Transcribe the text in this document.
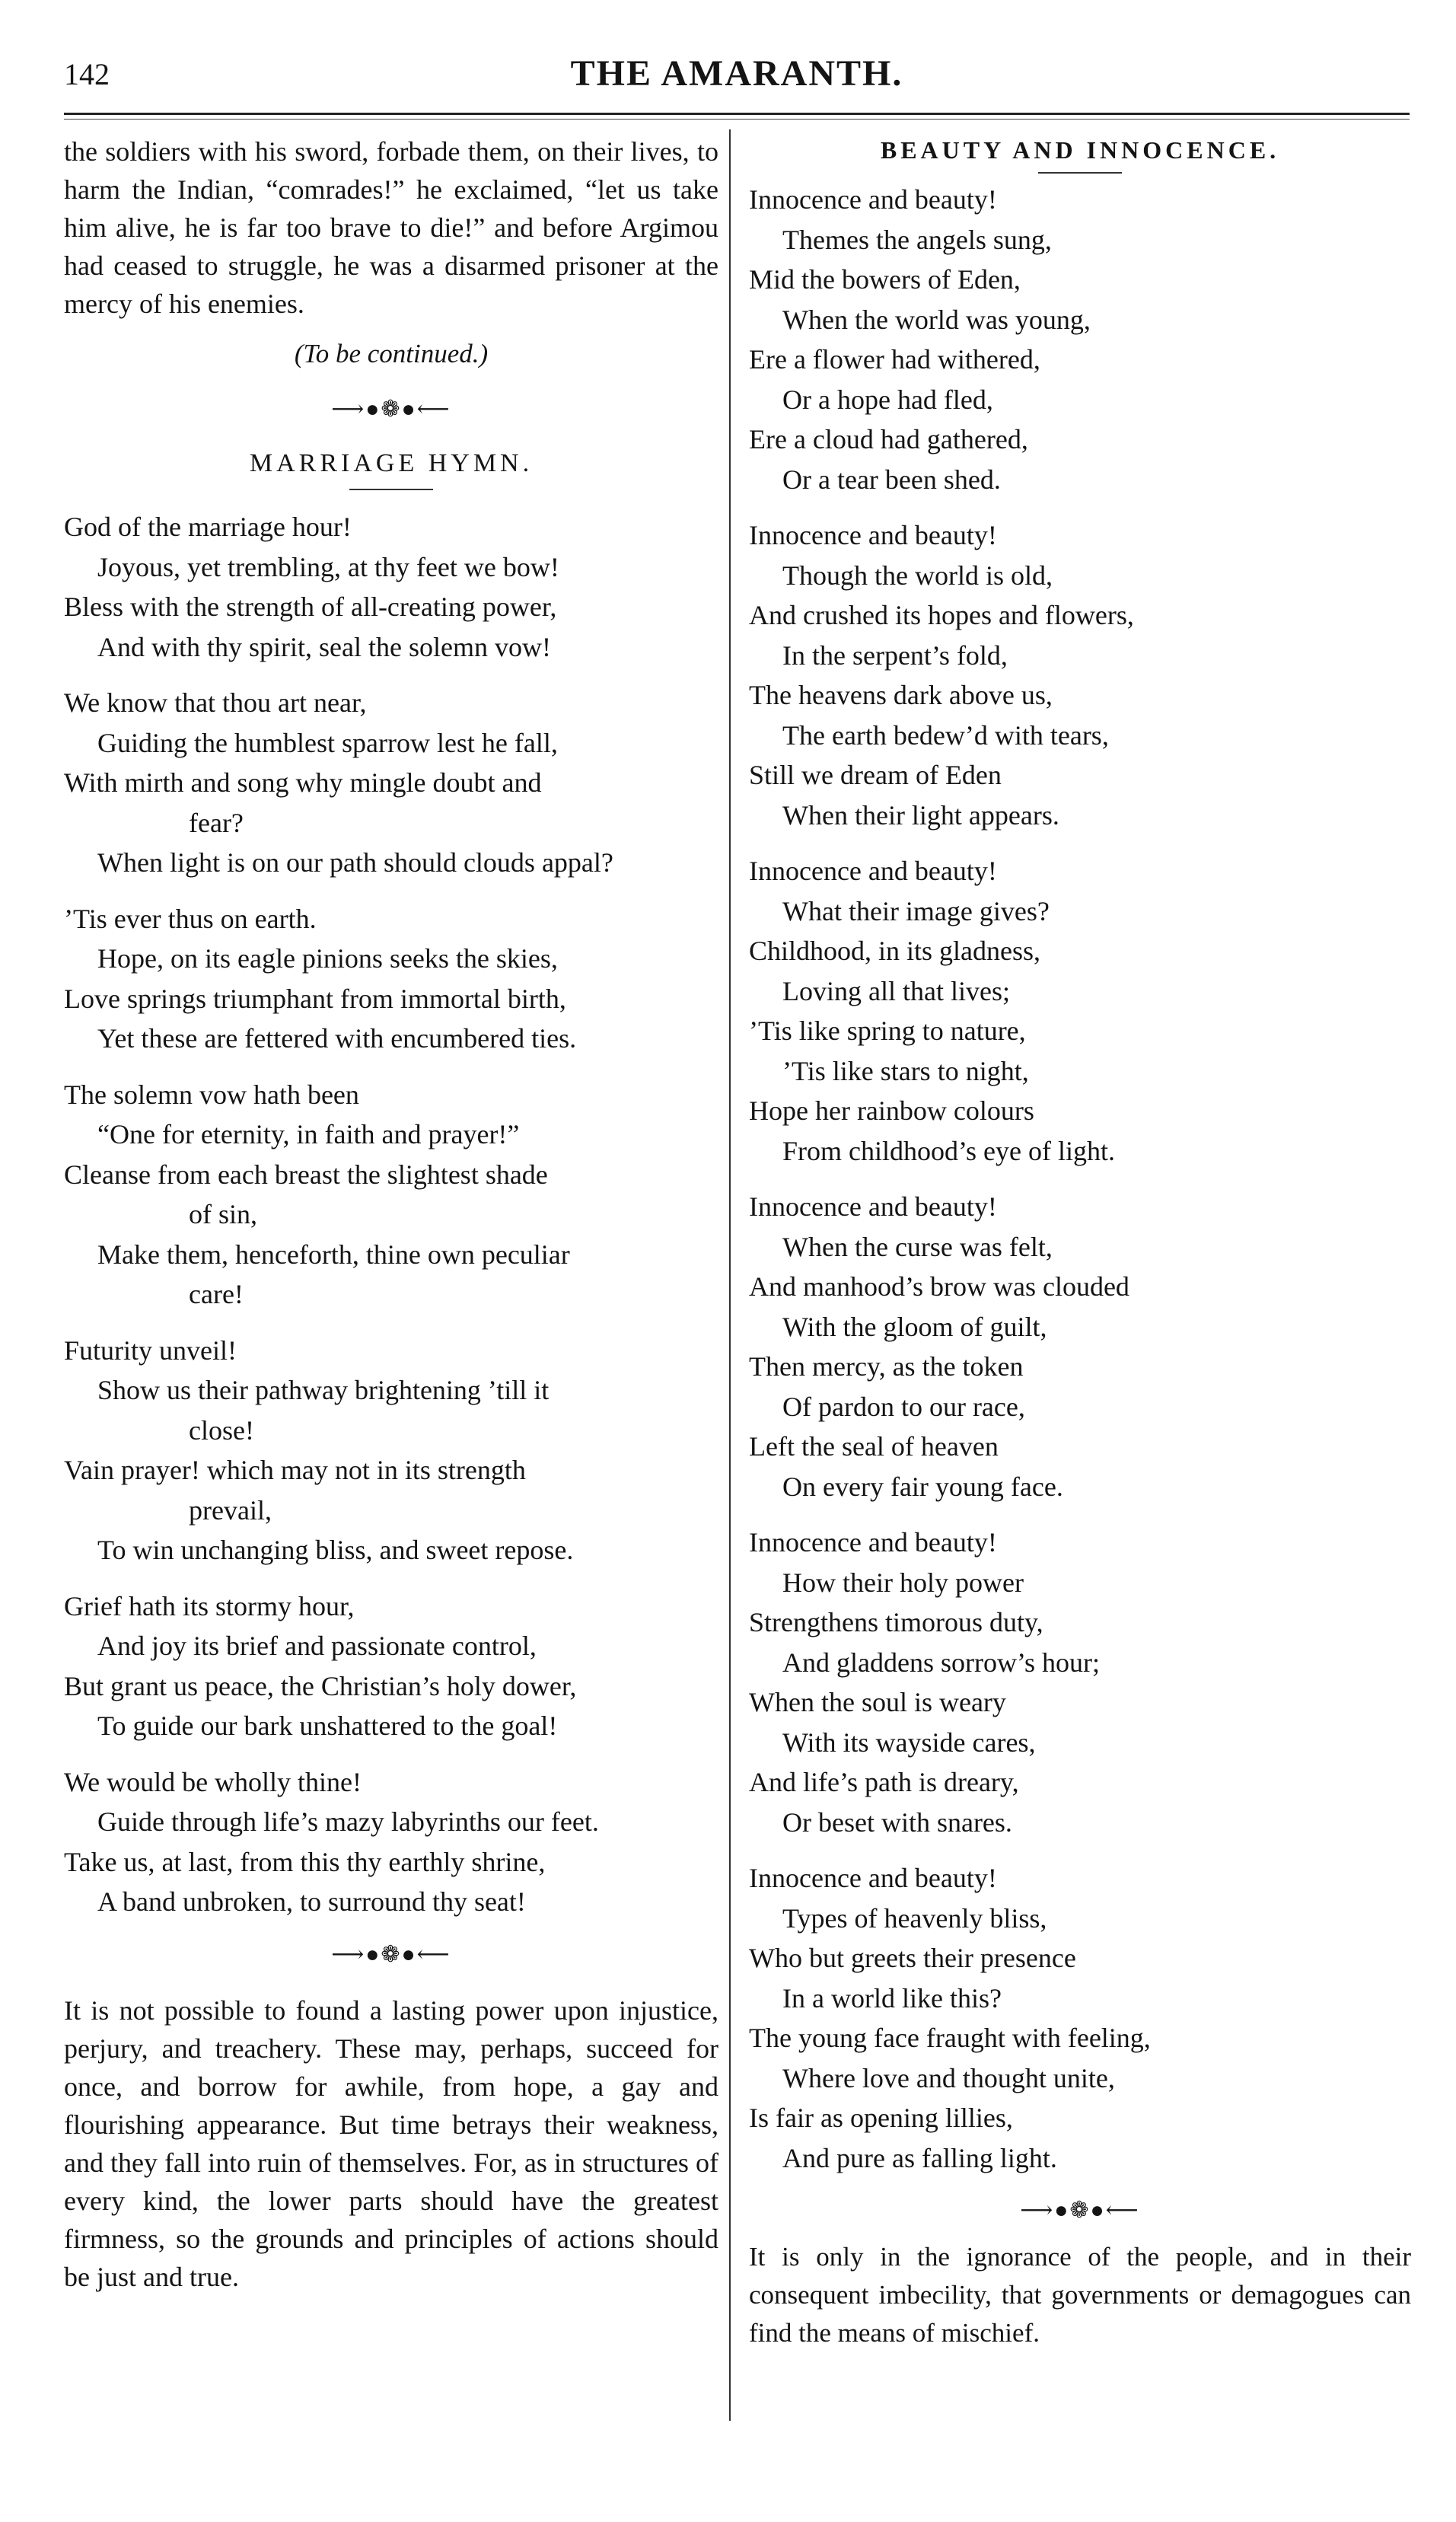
142	THE AMARANTH.

the soldiers with his sword, forbade them, on their lives, to harm the Indian, “comrades!” he exclaimed, “let us take him alive, he is far too brave to die!” and before Argimou had ceased to struggle, he was a disarmed prisoner at the mercy of his enemies.

(To be continued.)

⟶●❁●⟵
MARRIAGE HYMN.
God of the marriage hour!
Joyous, yet trembling, at thy feet we bow!
Bless with the strength of all-creating power,
And with thy spirit, seal the solemn vow!
We know that thou art near,
Guiding the humblest sparrow lest he fall,
With mirth and song why mingle doubt and
fear?
When light is on our path should clouds appal?
’Tis ever thus on earth.
Hope, on its eagle pinions seeks the skies,
Love springs triumphant from immortal birth,
Yet these are fettered with encumbered ties.
The solemn vow hath been
“One for eternity, in faith and prayer!”
Cleanse from each breast the slightest shade
of sin,
Make them, henceforth, thine own peculiar
care!
Futurity unveil!
Show us their pathway brightening ’till it
close!
Vain prayer! which may not in its strength
prevail,
To win unchanging bliss, and sweet repose.
Grief hath its stormy hour,
And joy its brief and passionate control,
But grant us peace, the Christian’s holy dower,
To guide our bark unshattered to the goal!
We would be wholly thine!
Guide through life’s mazy labyrinths our feet.
Take us, at last, from this thy earthly shrine,
A band unbroken, to surround thy seat!
⟶●❁●⟵

It is not possible to found a lasting power upon injustice, perjury, and treachery. These may, perhaps, succeed for once, and borrow for awhile, from hope, a gay and flourishing appearance. But time betrays their weakness, and they fall into ruin of themselves. For, as in structures of every kind, the lower parts should have the greatest firmness, so the grounds and principles of actions should be just and true.

BEAUTY AND INNOCENCE.
Innocence and beauty!
Themes the angels sung,
Mid the bowers of Eden,
When the world was young,
Ere a flower had withered,
Or a hope had fled,
Ere a cloud had gathered,
Or a tear been shed.
Innocence and beauty!
Though the world is old,
And crushed its hopes and flowers,
In the serpent’s fold,
The heavens dark above us,
The earth bedew’d with tears,
Still we dream of Eden
When their light appears.
Innocence and beauty!
What their image gives?
Childhood, in its gladness,
Loving all that lives;
’Tis like spring to nature,
’Tis like stars to night,
Hope her rainbow colours
From childhood’s eye of light.
Innocence and beauty!
When the curse was felt,
And manhood’s brow was clouded
With the gloom of guilt,
Then mercy, as the token
Of pardon to our race,
Left the seal of heaven
On every fair young face.
Innocence and beauty!
How their holy power
Strengthens timorous duty,
And gladdens sorrow’s hour;
When the soul is weary
With its wayside cares,
And life’s path is dreary,
Or beset with snares.
Innocence and beauty!
Types of heavenly bliss,
Who but greets their presence
In a world like this?
The young face fraught with feeling,
Where love and thought unite,
Is fair as opening lillies,
And pure as falling light.
⟶●❁●⟵

It is only in the ignorance of the people, and in their consequent imbecility, that governments or demagogues can find the means of mischief.
